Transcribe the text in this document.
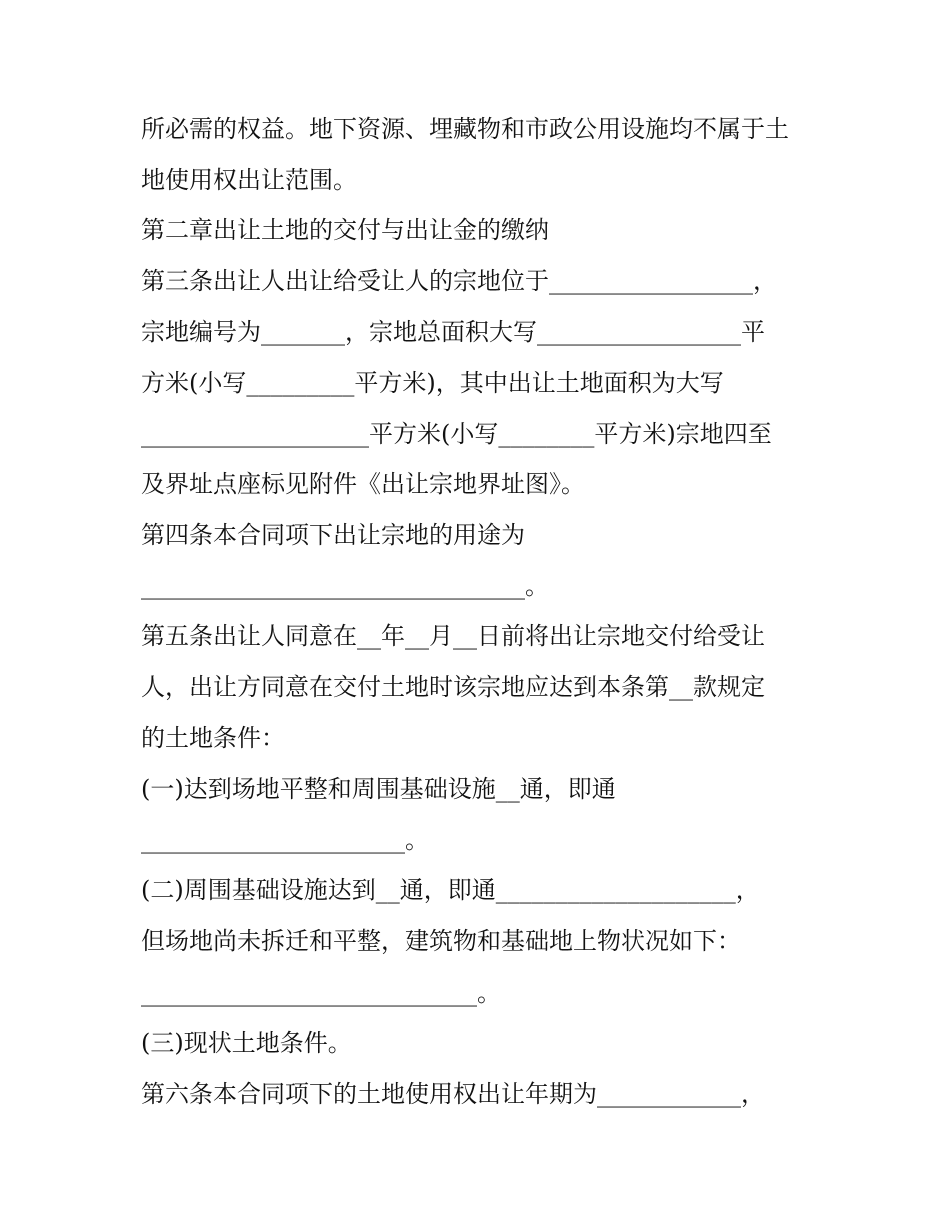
所必需的权益。地下资源、埋藏物和市政公用设施均不属于土

地使用权出让范围。

第二章出让土地的交付与出让金的缴纳

第三条出让人出让给受让人的宗地位于_________________，

宗地编号为_______，宗地总面积大写_________________平

方米(小写_________平方米)，其中出让土地面积为大写

___________________平方米(小写________平方米)宗地四至

及界址点座标见附件《出让宗地界址图》。

第四条本合同项下出让宗地的用途为

________________________________。

第五条出让人同意在__年__月__日前将出让宗地交付给受让

人，出让方同意在交付土地时该宗地应达到本条第__款规定

的土地条件：

(一)达到场地平整和周围基础设施__通，即通

______________________。

(二)周围基础设施达到__通，即通____________________，

但场地尚未拆迁和平整，建筑物和基础地上物状况如下：

____________________________。

(三)现状土地条件。

第六条本合同项下的土地使用权出让年期为____________，
